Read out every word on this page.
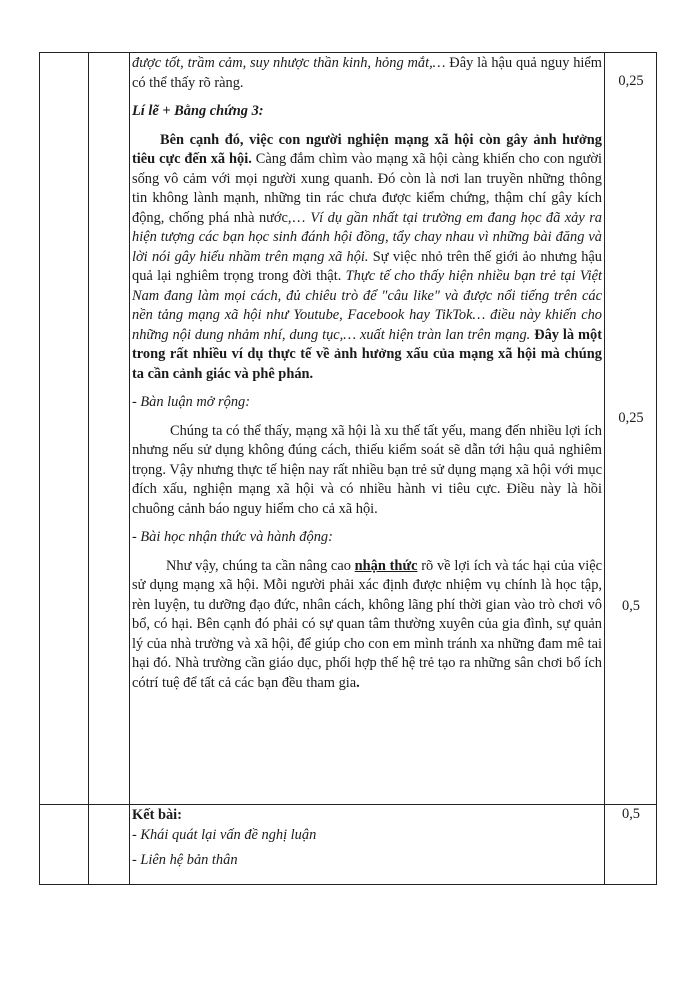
được tốt, trầm cảm, suy nhược thần kinh, hỏng mắt,… Đây là hậu quả nguy hiểm có thể thấy rõ ràng.

Lí lẽ + Bằng chứng 3:

Bên cạnh đó, việc con người nghiện mạng xã hội còn gây ảnh hưởng tiêu cực đến xã hội. Càng đắm chìm vào mạng xã hội càng khiến cho con người sống vô cảm với mọi người xung quanh. Đó còn là nơi lan truyền những thông tin không lành mạnh, những tin rác chưa được kiểm chứng, thậm chí gây kích động, chống phá nhà nước,… Ví dụ gần nhất tại trường em đang học đã xảy ra hiện tượng các bạn học sinh đánh hội đồng, tẩy chay nhau vì những bài đăng và lời nói gây hiểu nhầm trên mạng xã hội. Sự việc nhỏ trên thế giới ảo nhưng hậu quả lại nghiêm trọng trong đời thật. Thực tế cho thấy hiện nhiều bạn trẻ tại Việt Nam đang làm mọi cách, đủ chiêu trò để "câu like" và được nổi tiếng trên các nền tảng mạng xã hội như Youtube, Facebook hay TikTok… điều này khiến cho những nội dung nhảm nhí, dung tục,… xuất hiện tràn lan trên mạng. Đây là một trong rất nhiều ví dụ thực tế về ảnh hưởng xấu của mạng xã hội mà chúng ta cần cảnh giác và phê phán.

- Bàn luận mở rộng:

Chúng ta có thể thấy, mạng xã hội là xu thế tất yếu, mang đến nhiều lợi ích nhưng nếu sử dụng không đúng cách, thiếu kiểm soát sẽ dẫn tới hậu quả nghiêm trọng. Vậy nhưng thực tế hiện nay rất nhiều bạn trẻ sử dụng mạng xã hội với mục đích xấu, nghiện mạng xã hội và có nhiều hành vi tiêu cực. Điều này là hồi chuông cảnh báo nguy hiểm cho cả xã hội.

- Bài học nhận thức và hành động:

Như vậy, chúng ta cần nâng cao nhận thức rõ về lợi ích và tác hại của việc sử dụng mạng xã hội. Mỗi người phải xác định được nhiệm vụ chính là học tập, rèn luyện, tu dưỡng đạo đức, nhân cách, không lãng phí thời gian vào trò chơi vô bổ, có hại. Bên cạnh đó phải có sự quan tâm thường xuyên của gia đình, sự quản lý của nhà trường và xã hội, để giúp cho con em mình tránh xa những đam mê tai hại đó. Nhà trường cần giáo dục, phối hợp thế hệ trẻ tạo ra những sân chơi bổ ích cótrí tuệ để tất cả các bạn đều tham gia.

0,25
0,25
0,5
0,5

Kết bài:

- Khái quát lại vấn đề nghị luận

- Liên hệ bản thân
